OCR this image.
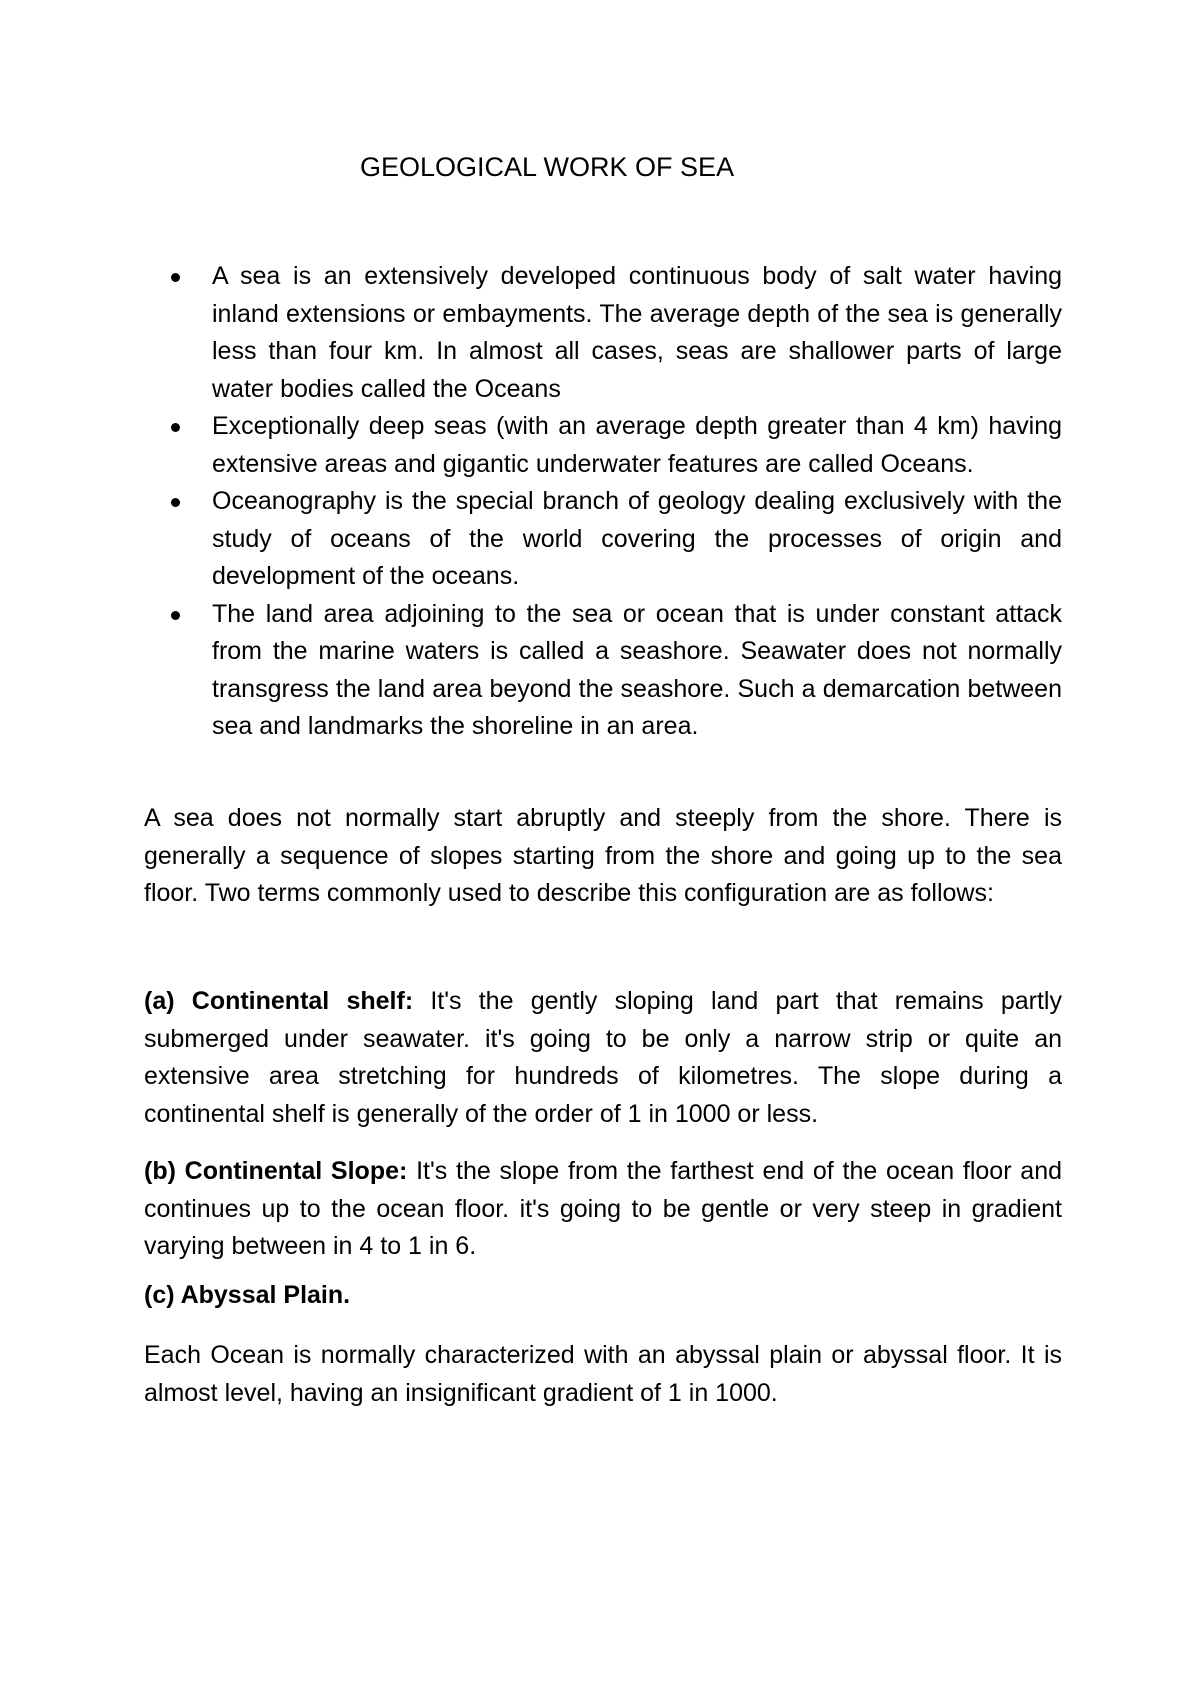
GEOLOGICAL WORK OF SEA
A sea is an extensively developed continuous body of salt water having inland extensions or embayments. The average depth of the sea is generally less than four km. In almost all cases, seas are shallower parts of large water bodies called the Oceans
Exceptionally deep seas (with an average depth greater than 4 km) having extensive areas and gigantic underwater features are called Oceans.
Oceanography is the special branch of geology dealing exclusively with the study of oceans of the world covering the processes of origin and development of the oceans.
The land area adjoining to the sea or ocean that is under constant attack from the marine waters is called a seashore. Seawater does not normally transgress the land area beyond the seashore. Such a demarcation between sea and landmarks the shoreline in an area.

A sea does not normally start abruptly and steeply from the shore. There is generally a sequence of slopes starting from the shore and going up to the sea floor. Two terms commonly used to describe this configuration are as follows:

(a) Continental shelf: It's the gently sloping land part that remains partly submerged under seawater. it's going to be only a narrow strip or quite an extensive area stretching for hundreds of kilometres. The slope during a continental shelf is generally of the order of 1 in 1000 or less.

(b) Continental Slope: It's the slope from the farthest end of the ocean floor and continues up to the ocean floor. it's going to be gentle or very steep in gradient varying between in 4 to 1 in 6.

(c) Abyssal Plain.

Each Ocean is normally characterized with an abyssal plain or abyssal floor. It is almost level, having an insignificant gradient of 1 in 1000.
